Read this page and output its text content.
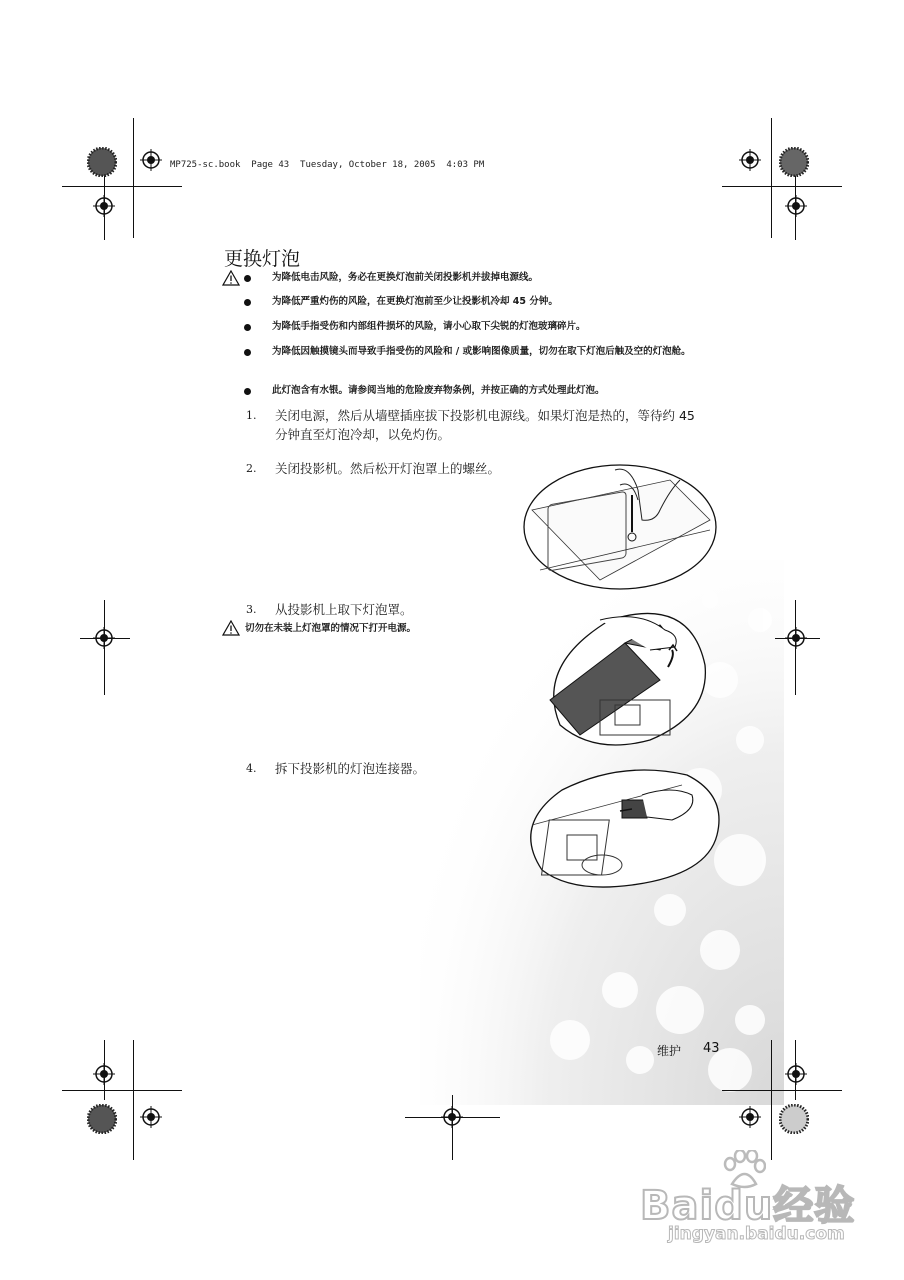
MP725-sc.book  Page 43  Tuesday, October 18, 2005  4:03 PM
更换灯泡
为降低电击风险，务必在更换灯泡前关闭投影机并拔掉电源线。
为降低严重灼伤的风险，在更换灯泡前至少让投影机冷却 45 分钟。
为降低手指受伤和内部组件损坏的风险，请小心取下尖锐的灯泡玻璃碎片。
为降低因触摸镜头而导致手指受伤的风险和 / 或影响图像质量，切勿在取下灯泡后触及空的灯泡舱。
此灯泡含有水银。请参阅当地的危险废弃物条例，并按正确的方式处理此灯泡。
1. 关闭电源，然后从墙壁插座拔下投影机电源线。如果灯泡是热的，等待约 45 分钟直至灯泡冷却，以免灼伤。
2. 关闭投影机。然后松开灯泡罩上的螺丝。
3. 从投影机上取下灯泡罩。
切勿在未装上灯泡罩的情况下打开电源。
4. 拆下投影机的灯泡连接器。
维护 43
Baidu经验
jingyan.baidu.com
